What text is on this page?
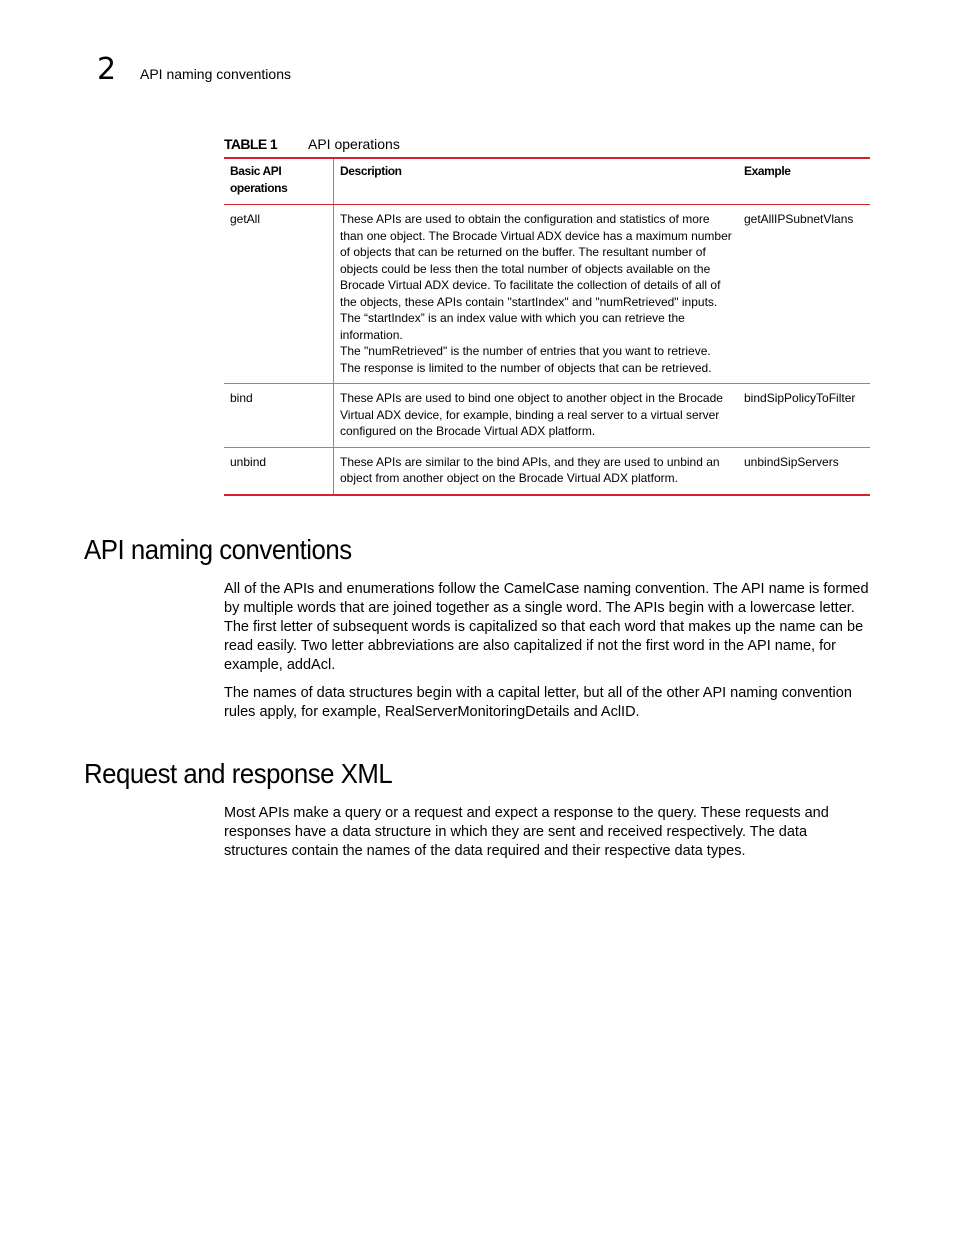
2 API naming conventions
TABLE 1 API operations
Basic API operations	Description	Example
getAll	These APIs are used to obtain the configuration and statistics of more than one object. The Brocade Virtual ADX device has a maximum number of objects that can be returned on the buffer. The resultant number of objects could be less then the total number of objects available on the Brocade Virtual ADX device. To facilitate the collection of details of all of the objects, these APIs contain "startIndex" and "numRetrieved" inputs.
The “startIndex” is an index value with which you can retrieve the information.
The "numRetrieved" is the number of entries that you want to retrieve. The response is limited to the number of objects that can be retrieved.	getAllIPSubnetVlans
bind	These APIs are used to bind one object to another object in the Brocade Virtual ADX device, for example, binding a real server to a virtual server configured on the Brocade Virtual ADX platform.	bindSipPolicyToFilter
unbind	These APIs are similar to the bind APIs, and they are used to unbind an object from another object on the Brocade Virtual ADX platform.	unbindSipServers
API naming conventions

All of the APIs and enumerations follow the CamelCase naming convention. The API name is formed by multiple words that are joined together as a single word. The APIs begin with a lowercase letter. The first letter of subsequent words is capitalized so that each word that makes up the name can be read easily. Two letter abbreviations are also capitalized if not the first word in the API name, for example, addAcl.

The names of data structures begin with a capital letter, but all of the other API naming convention rules apply, for example, RealServerMonitoringDetails and AclID.

Request and response XML

Most APIs make a query or a request and expect a response to the query. These requests and responses have a data structure in which they are sent and received respectively. The data structures contain the names of the data required and their respective data types.
